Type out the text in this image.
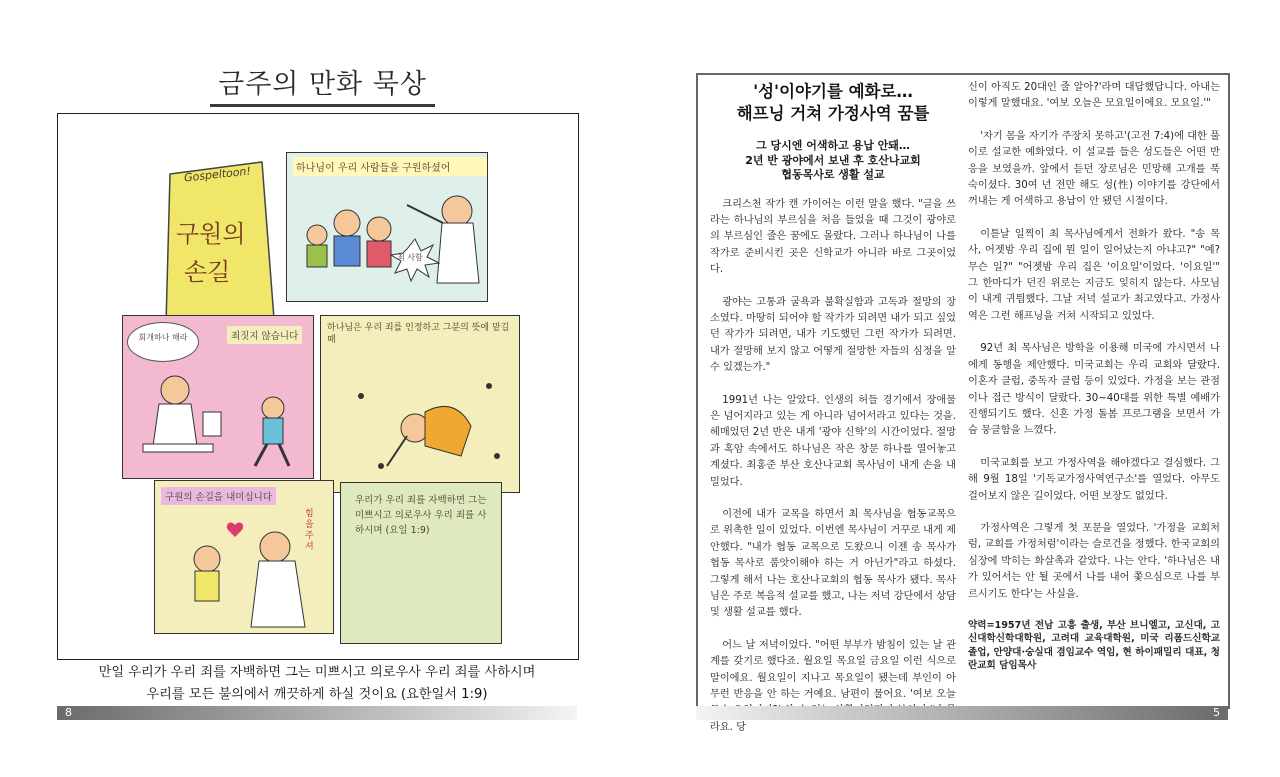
금주의 만화 묵상
Gospeltoon!
구원의
손길
하나님이 우리 사람들을 구원하셨어
죄 사함
회개하나 해라	죄짓지 않습니다
하나님은 우리 죄를 인정하고 그분의 뜻에 맡길 때
구원의 손길을 내미십니다
힘을 주셔
우리가 우리 죄를 자백하면 그는 미쁘시고 의로우사 우리 죄를 사하시며 (요일 1:9)
만일 우리가 우리 죄를 자백하면 그는 미쁘시고 의로우사 우리 죄를 사하시며
우리를 모든 불의에서 깨끗하게 하실 것이요 (요한일서 1:9)
8
'성'이야기를 예화로…
해프닝 거쳐 가정사역 꿈틀
그 당시엔 어색하고 용납 안돼…
2년 반 광야에서 보낸 후 호산나교회
협동목사로 생활 설교

크리스천 작가 캔 가이어는 이런 말을 했다. "글을 쓰라는 하나님의 부르심을 처음 들었을 때 그것이 광야로의 부르심인 줄은 꿈에도 몰랐다. 그러나 하나님이 나를 작가로 준비시킨 곳은 신학교가 아니라 바로 그곳이었다.

광야는 고통과 굴욕과 불확실함과 고독과 절망의 장소였다. 마땅히 되어야 할 작가가 되려면 내가 되고 싶었던 작가가 되려면, 내가 기도했던 그런 작가가 되려면. 내가 절망해 보지 않고 어떻게 절망한 자들의 심정을 알 수 있겠는가."

1991년 나는 알았다. 인생의 허들 경기에서 장애물은 넘어지라고 있는 게 아니라 넘어서라고 있다는 것을. 헤매었던 2년 반은 내게 '광야 신학'의 시간이었다. 절망과 혹암 속에서도 하나님은 작은 창문 하나를 열어놓고 계셨다. 최홍준 부산 호산나교회 목사님이 내게 손을 내밀었다.

이전에 내가 교목을 하면서 최 목사님을 협동교목으로 위촉한 일이 있었다. 이번엔 목사님이 거꾸로 내게 제안했다. "내가 협동 교목으로 도왔으니 이젠 송 목사가 협동 목사로 품앗이해야 하는 거 아닌가"라고 하셨다. 그렇게 해서 나는 호산나교회의 협동 목사가 됐다. 목사님은 주로 복음적 설교를 했고, 나는 저녁 강단에서 상담 및 생활 설교를 했다.

어느 날 저녁이었다. "어떤 부부가 밤침이 있는 날 관계를 갖기로 했다죠. 월요일 목요일 금요일 이런 식으로 말이에요. 월요일이 지나고 목요일이 됐는데 부인이 아무런 반응을 안 하는 거예요. 남편이 물어요. '여보 오늘 라요. 당

신이 아직도 20대인 줄 알아?'라며 대답했답니다. 아내는 이렇게 말했대요. '여보 오늘은 모요일이에요. 모요일.'"

'자기 몸을 자기가 주장치 못하고'(고전 7:4)에 대한 풀이로 설교한 예화였다. 이 설교를 들은 성도들은 어떤 반응을 보였을까. 앞에서 듣던 장로님은 민망해 고개를 푹 숙이셨다. 30여 년 전만 해도 성(性) 이야기를 강단에서 꺼내는 게 어색하고 용납이 안 됐던 시절이다.

이튿날 일찍이 최 목사님에게서 전화가 왔다. "송 목사, 어젯밤 우리 집에 뭔 일이 일어났는지 아냐고?" "예? 무슨 일?" "어젯밤 우리 집은 '이요일'이었다. '이요일'" 그 한마디가 던진 위로는 지금도 잊히지 않는다. 사모님이 내게 귀띔했다. 그날 저녁 설교가 최고였다고. 가정사역은 그런 해프닝을 거쳐 시작되고 있었다.

92년 최 목사님은 방학을 이용해 미국에 가시면서 나에게 동행을 제안했다. 미국교회는 우리 교회와 달랐다. 이혼자 클럽, 중독자 클럽 등이 있었다. 가정을 보는 관점이나 접근 방식이 달랐다. 30~40대를 위한 특별 예배가 진행되기도 했다. 신혼 가정 돌봄 프로그램을 보면서 가슴 뭉클함을 느꼈다.

미국교회를 보고 가정사역을 해야겠다고 결심했다. 그해 9월 18일 '기독교가정사역연구소'를 열었다. 아무도 걸어보지 않은 길이었다. 어떤 보장도 없었다.

가정사역은 그렇게 첫 포문을 열었다. '가정을 교회처럼, 교회를 가정처럼'이라는 슬로건을 정했다. 한국교회의 심장에 박히는 화살촉과 같았다. 나는 안다. '하나님은 내가 있어서는 안 될 곳에서 나를 내어 쫓으심으로 나를 부르시기도 한다'는 사실을.

약력=1957년 전남 고흥 출생, 부산 브니엘고, 고신대, 고신대학신학대학원, 고려대 교육대학원, 미국 리폼드신학교 졸업, 안양대·숭실대 겸임교수 역임, 현 하이패밀리 대표, 청란교회 담임목사

5
